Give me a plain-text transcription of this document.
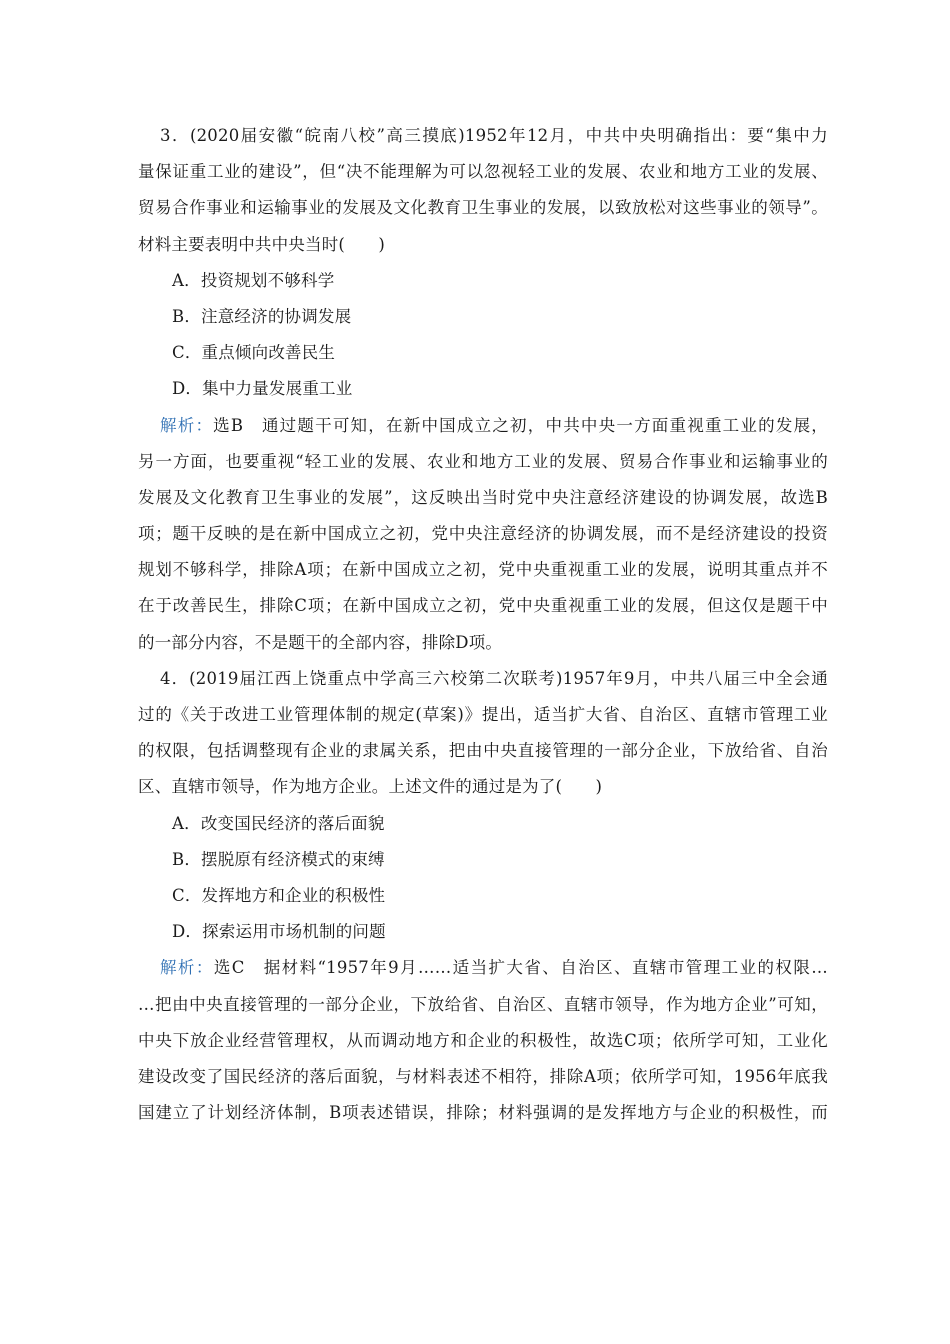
3．(2020届安徽“皖南八校”高三摸底)1952年12月，中共中央明确指出：要“集中力
量保证重工业的建设”，但“决不能理解为可以忽视轻工业的发展、农业和地方工业的发展、
贸易合作事业和运输事业的发展及文化教育卫生事业的发展，以致放松对这些事业的领导”。
材料主要表明中共中央当时(　　)
A．投资规划不够科学
B．注意经济的协调发展
C．重点倾向改善民生
D．集中力量发展重工业
解析：选B　通过题干可知，在新中国成立之初，中共中央一方面重视重工业的发展，
另一方面，也要重视“轻工业的发展、农业和地方工业的发展、贸易合作事业和运输事业的
发展及文化教育卫生事业的发展”，这反映出当时党中央注意经济建设的协调发展，故选B
项；题干反映的是在新中国成立之初，党中央注意经济的协调发展，而不是经济建设的投资
规划不够科学，排除A项；在新中国成立之初，党中央重视重工业的发展，说明其重点并不
在于改善民生，排除C项；在新中国成立之初，党中央重视重工业的发展，但这仅是题干中
的一部分内容，不是题干的全部内容，排除D项。
4．(2019届江西上饶重点中学高三六校第二次联考)1957年9月，中共八届三中全会通
过的《关于改进工业管理体制的规定(草案)》提出，适当扩大省、自治区、直辖市管理工业
的权限，包括调整现有企业的隶属关系，把由中央直接管理的一部分企业，下放给省、自治
区、直辖市领导，作为地方企业。上述文件的通过是为了(　　)
A．改变国民经济的落后面貌
B．摆脱原有经济模式的束缚
C．发挥地方和企业的积极性
D．探索运用市场机制的问题
解析：选C　据材料“1957年9月……适当扩大省、自治区、直辖市管理工业的权限…
…把由中央直接管理的一部分企业，下放给省、自治区、直辖市领导，作为地方企业”可知，
中央下放企业经营管理权，从而调动地方和企业的积极性，故选C项；依所学可知，工业化
建设改变了国民经济的落后面貌，与材料表述不相符，排除A项；依所学可知，1956年底我
国建立了计划经济体制，B项表述错误，排除；材料强调的是发挥地方与企业的积极性，而
